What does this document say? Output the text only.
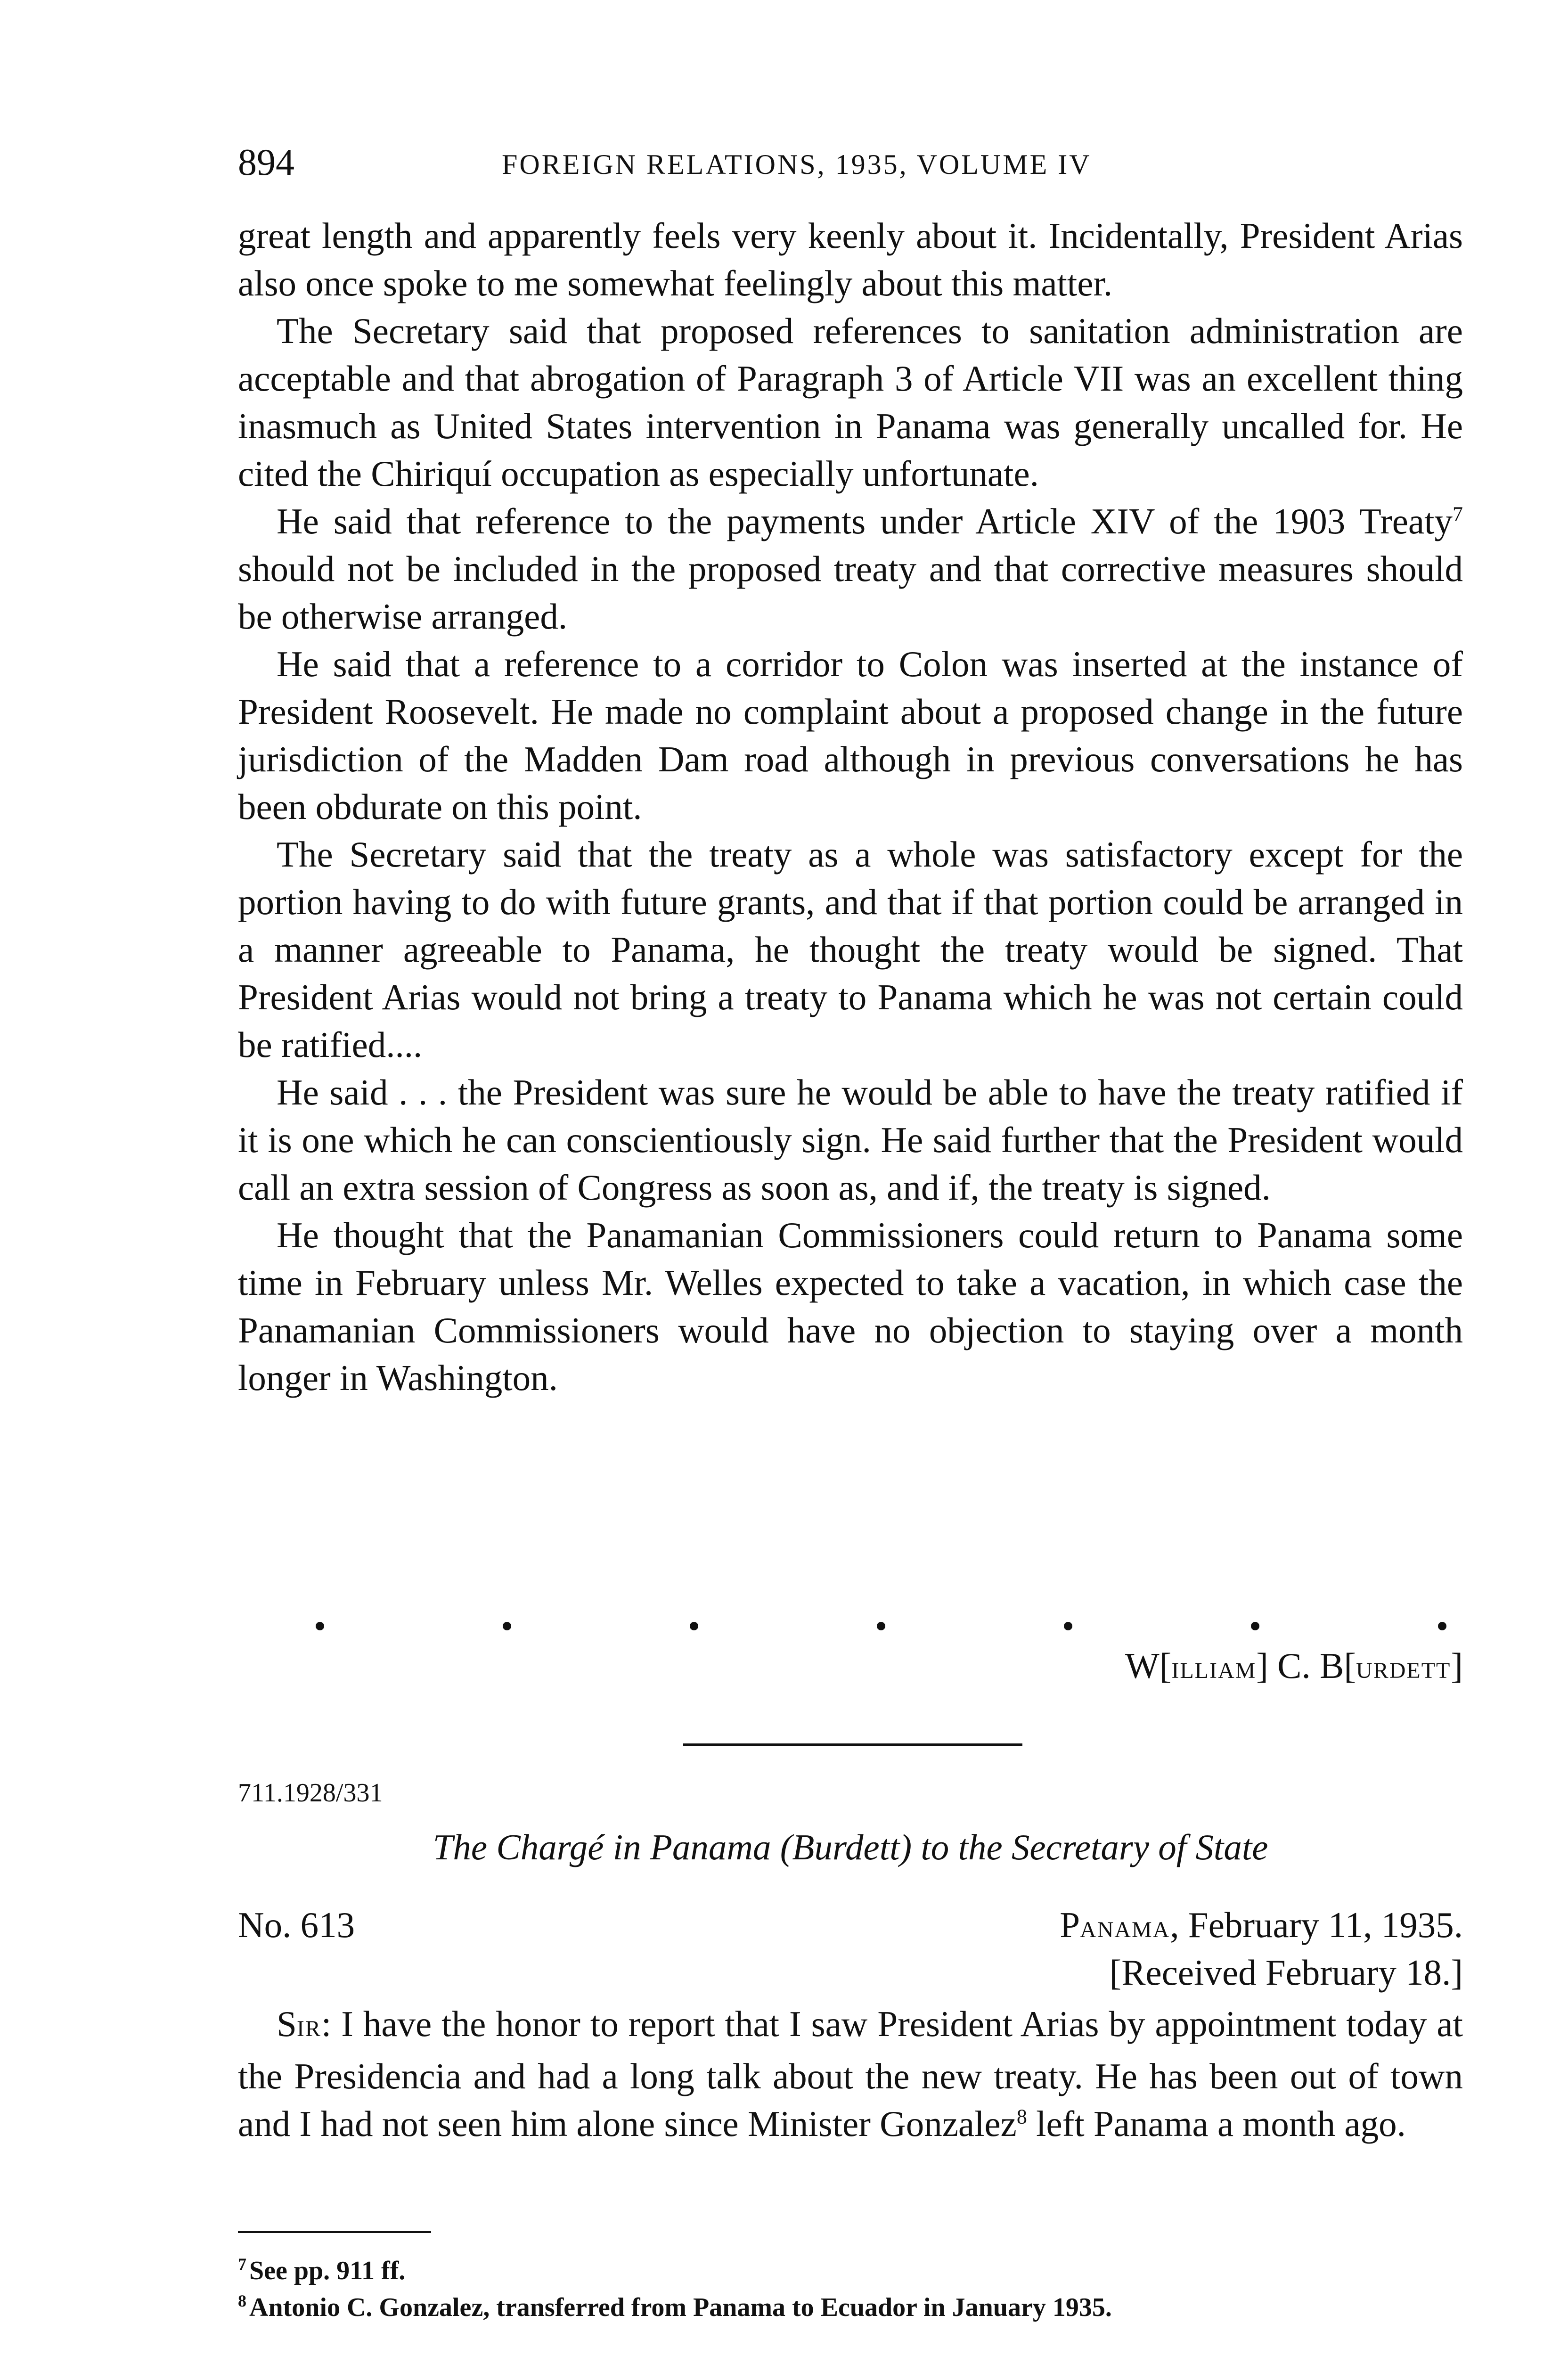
894	FOREIGN RELATIONS, 1935, VOLUME IV

great length and apparently feels very keenly about it. Incidentally, President Arias also once spoke to me somewhat feelingly about this matter.

The Secretary said that proposed references to sanitation administration are acceptable and that abrogation of Paragraph 3 of Article VII was an excellent thing inasmuch as United States intervention in Panama was generally uncalled for. He cited the Chiriquí occupation as especially unfortunate.

He said that reference to the payments under Article XIV of the 1903 Treaty$^7$ should not be included in the proposed treaty and that corrective measures should be otherwise arranged.

He said that a reference to a corridor to Colon was inserted at the instance of President Roosevelt. He made no complaint about a proposed change in the future jurisdiction of the Madden Dam road although in previous conversations he has been obdurate on this point.

The Secretary said that the treaty as a whole was satisfactory except for the portion having to do with future grants, and that if that portion could be arranged in a manner agreeable to Panama, he thought the treaty would be signed. That President Arias would not bring a treaty to Panama which he was not certain could be ratified....

He said . . . the President was sure he would be able to have the treaty ratified if it is one which he can conscientiously sign. He said further that the President would call an extra session of Congress as soon as, and if, the treaty is signed.

He thought that the Panamanian Commissioners could return to Panama some time in February unless Mr. Welles expected to take a vacation, in which case the Panamanian Commissioners would have no objection to staying over a month longer in Washington.

W[ILLIAM] C. B[URDETT]
711.1928/331
The Chargé in Panama (Burdett) to the Secretary of State
No. 613	PANAMA, February 11, 1935.
[Received February 18.]

SIR: I have the honor to report that I saw President Arias by appointment today at the Presidencia and had a long talk about the new treaty. He has been out of town and I had not seen him alone since Minister Gonzalez$^8$ left Panama a month ago.

7 See pp. 911 ff.

8 Antonio C. Gonzalez, transferred from Panama to Ecuador in January 1935.
